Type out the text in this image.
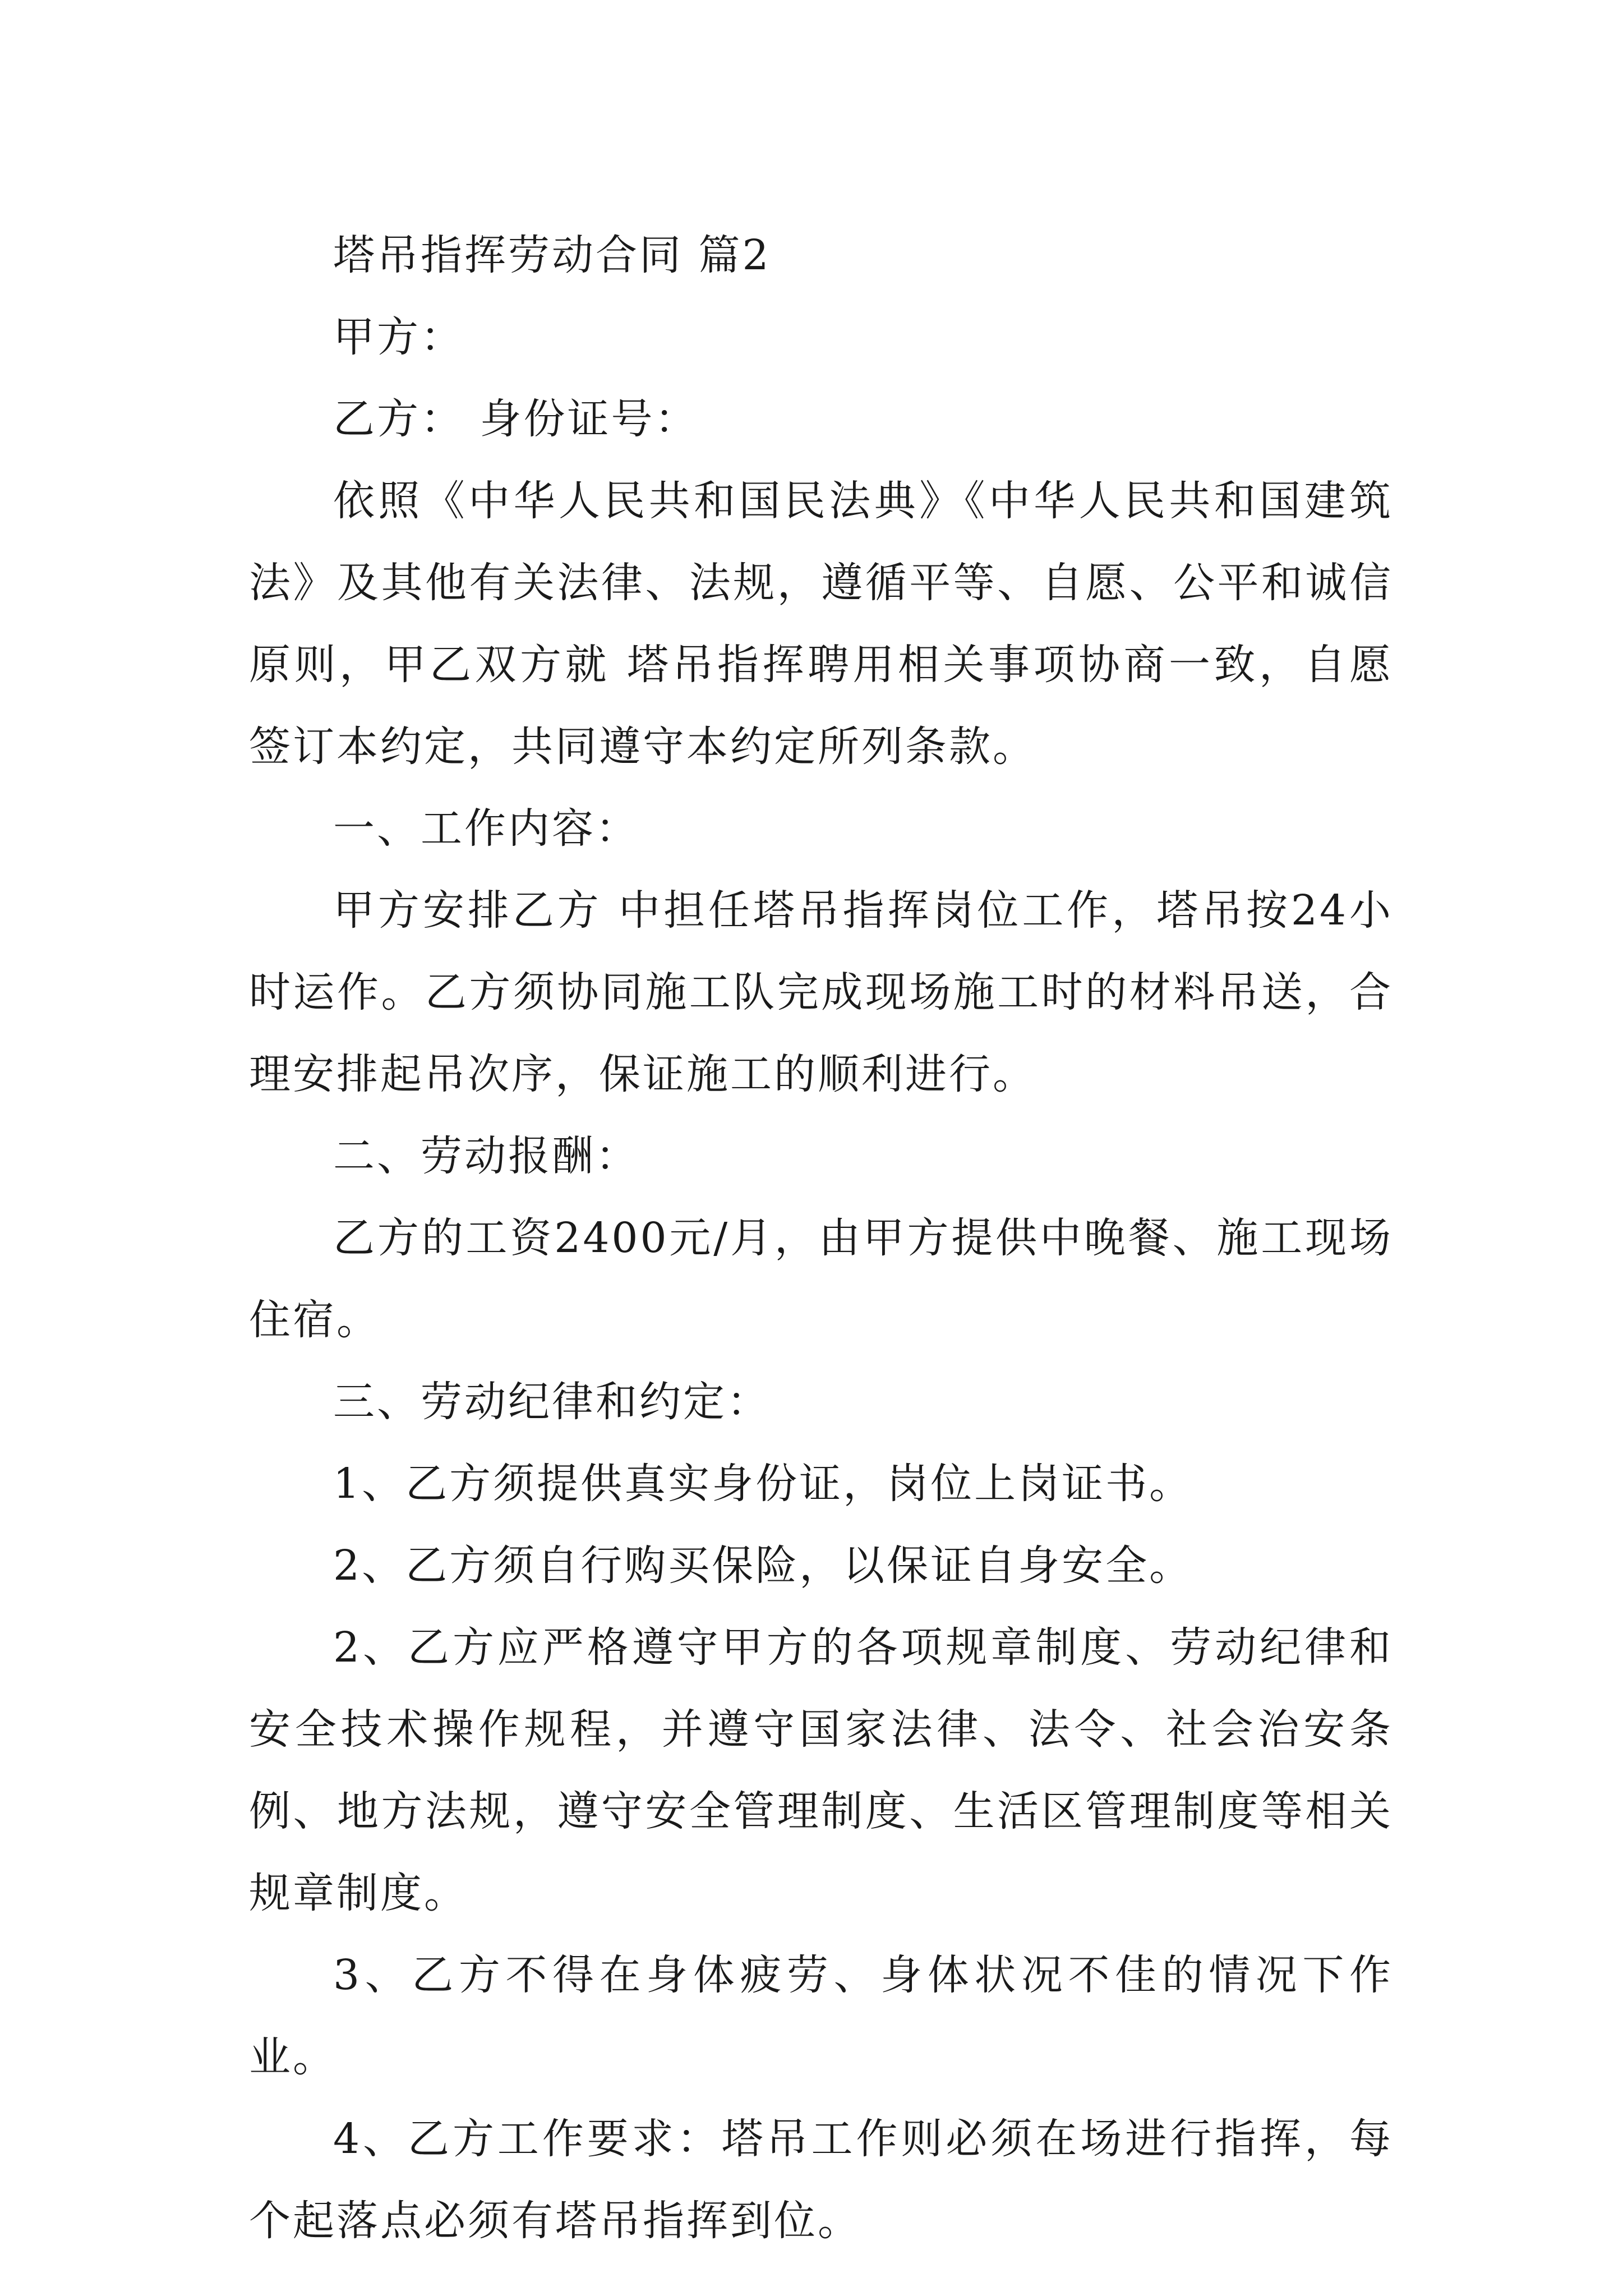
塔吊指挥劳动合同 篇2

甲方：

乙方： 身份证号：

依照《中华人民共和国民法典》《中华人民共和国建筑法》及其他有关法律、法规，遵循平等、自愿、公平和诚信原则，甲乙双方就 塔吊指挥聘用相关事项协商一致，自愿签订本约定，共同遵守本约定所列条款。

一、工作内容：

甲方安排乙方 中担任塔吊指挥岗位工作，塔吊按24小时运作。乙方须协同施工队完成现场施工时的材料吊送，合理安排起吊次序，保证施工的顺利进行。

二、劳动报酬：

乙方的工资2400元/月，由甲方提供中晚餐、施工现场住宿。

三、劳动纪律和约定：

1、乙方须提供真实身份证，岗位上岗证书。

2、乙方须自行购买保险，以保证自身安全。

2、乙方应严格遵守甲方的各项规章制度、劳动纪律和安全技术操作规程，并遵守国家法律、法令、社会治安条例、地方法规，遵守安全管理制度、生活区管理制度等相关规章制度。

3、乙方不得在身体疲劳、身体状况不佳的情况下作业。

4、乙方工作要求：塔吊工作则必须在场进行指挥，每个起落点必须有塔吊指挥到位。
